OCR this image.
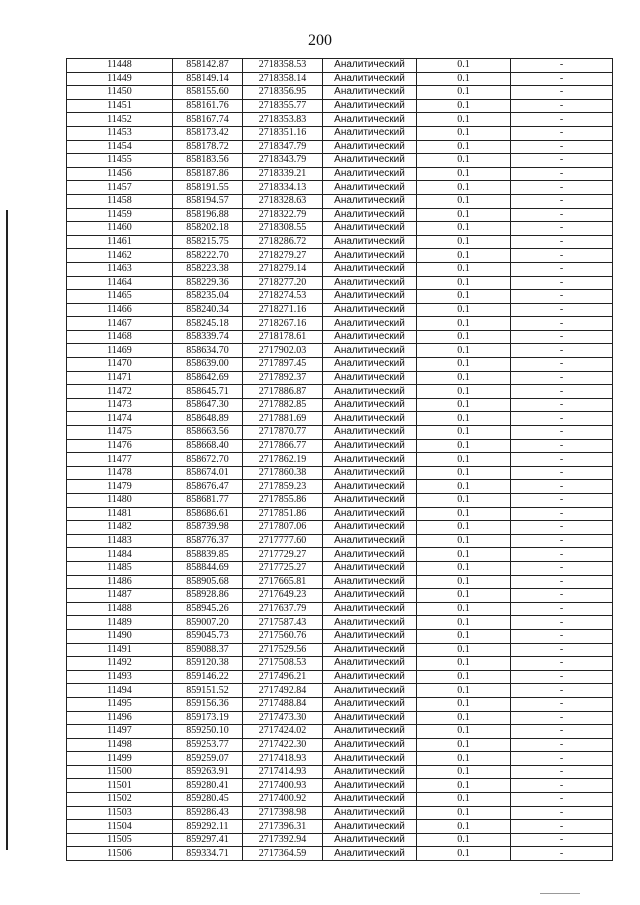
200
11448	858142.87	2718358.53	Аналитический	0.1	-
11449	858149.14	2718358.14	Аналитический	0.1	-
11450	858155.60	2718356.95	Аналитический	0.1	-
11451	858161.76	2718355.77	Аналитический	0.1	-
11452	858167.74	2718353.83	Аналитический	0.1	-
11453	858173.42	2718351.16	Аналитический	0.1	-
11454	858178.72	2718347.79	Аналитический	0.1	-
11455	858183.56	2718343.79	Аналитический	0.1	-
11456	858187.86	2718339.21	Аналитический	0.1	-
11457	858191.55	2718334.13	Аналитический	0.1	-
11458	858194.57	2718328.63	Аналитический	0.1	-
11459	858196.88	2718322.79	Аналитический	0.1	-
11460	858202.18	2718308.55	Аналитический	0.1	-
11461	858215.75	2718286.72	Аналитический	0.1	-
11462	858222.70	2718279.27	Аналитический	0.1	-
11463	858223.38	2718279.14	Аналитический	0.1	-
11464	858229.36	2718277.20	Аналитический	0.1	-
11465	858235.04	2718274.53	Аналитический	0.1	-
11466	858240.34	2718271.16	Аналитический	0.1	-
11467	858245.18	2718267.16	Аналитический	0.1	-
11468	858339.74	2718178.61	Аналитический	0.1	-
11469	858634.70	2717902.03	Аналитический	0.1	-
11470	858639.00	2717897.45	Аналитический	0.1	-
11471	858642.69	2717892.37	Аналитический	0.1	-
11472	858645.71	2717886.87	Аналитический	0.1	-
11473	858647.30	2717882.85	Аналитический	0.1	-
11474	858648.89	2717881.69	Аналитический	0.1	-
11475	858663.56	2717870.77	Аналитический	0.1	-
11476	858668.40	2717866.77	Аналитический	0.1	-
11477	858672.70	2717862.19	Аналитический	0.1	-
11478	858674.01	2717860.38	Аналитический	0.1	-
11479	858676.47	2717859.23	Аналитический	0.1	-
11480	858681.77	2717855.86	Аналитический	0.1	-
11481	858686.61	2717851.86	Аналитический	0.1	-
11482	858739.98	2717807.06	Аналитический	0.1	-
11483	858776.37	2717777.60	Аналитический	0.1	-
11484	858839.85	2717729.27	Аналитический	0.1	-
11485	858844.69	2717725.27	Аналитический	0.1	-
11486	858905.68	2717665.81	Аналитический	0.1	-
11487	858928.86	2717649.23	Аналитический	0.1	-
11488	858945.26	2717637.79	Аналитический	0.1	-
11489	859007.20	2717587.43	Аналитический	0.1	-
11490	859045.73	2717560.76	Аналитический	0.1	-
11491	859088.37	2717529.56	Аналитический	0.1	-
11492	859120.38	2717508.53	Аналитический	0.1	-
11493	859146.22	2717496.21	Аналитический	0.1	-
11494	859151.52	2717492.84	Аналитический	0.1	-
11495	859156.36	2717488.84	Аналитический	0.1	-
11496	859173.19	2717473.30	Аналитический	0.1	-
11497	859250.10	2717424.02	Аналитический	0.1	-
11498	859253.77	2717422.30	Аналитический	0.1	-
11499	859259.07	2717418.93	Аналитический	0.1	-
11500	859263.91	2717414.93	Аналитический	0.1	-
11501	859280.41	2717400.93	Аналитический	0.1	-
11502	859280.45	2717400.92	Аналитический	0.1	-
11503	859286.43	2717398.98	Аналитический	0.1	-
11504	859292.11	2717396.31	Аналитический	0.1	-
11505	859297.41	2717392.94	Аналитический	0.1	-
11506	859334.71	2717364.59	Аналитический	0.1	-
